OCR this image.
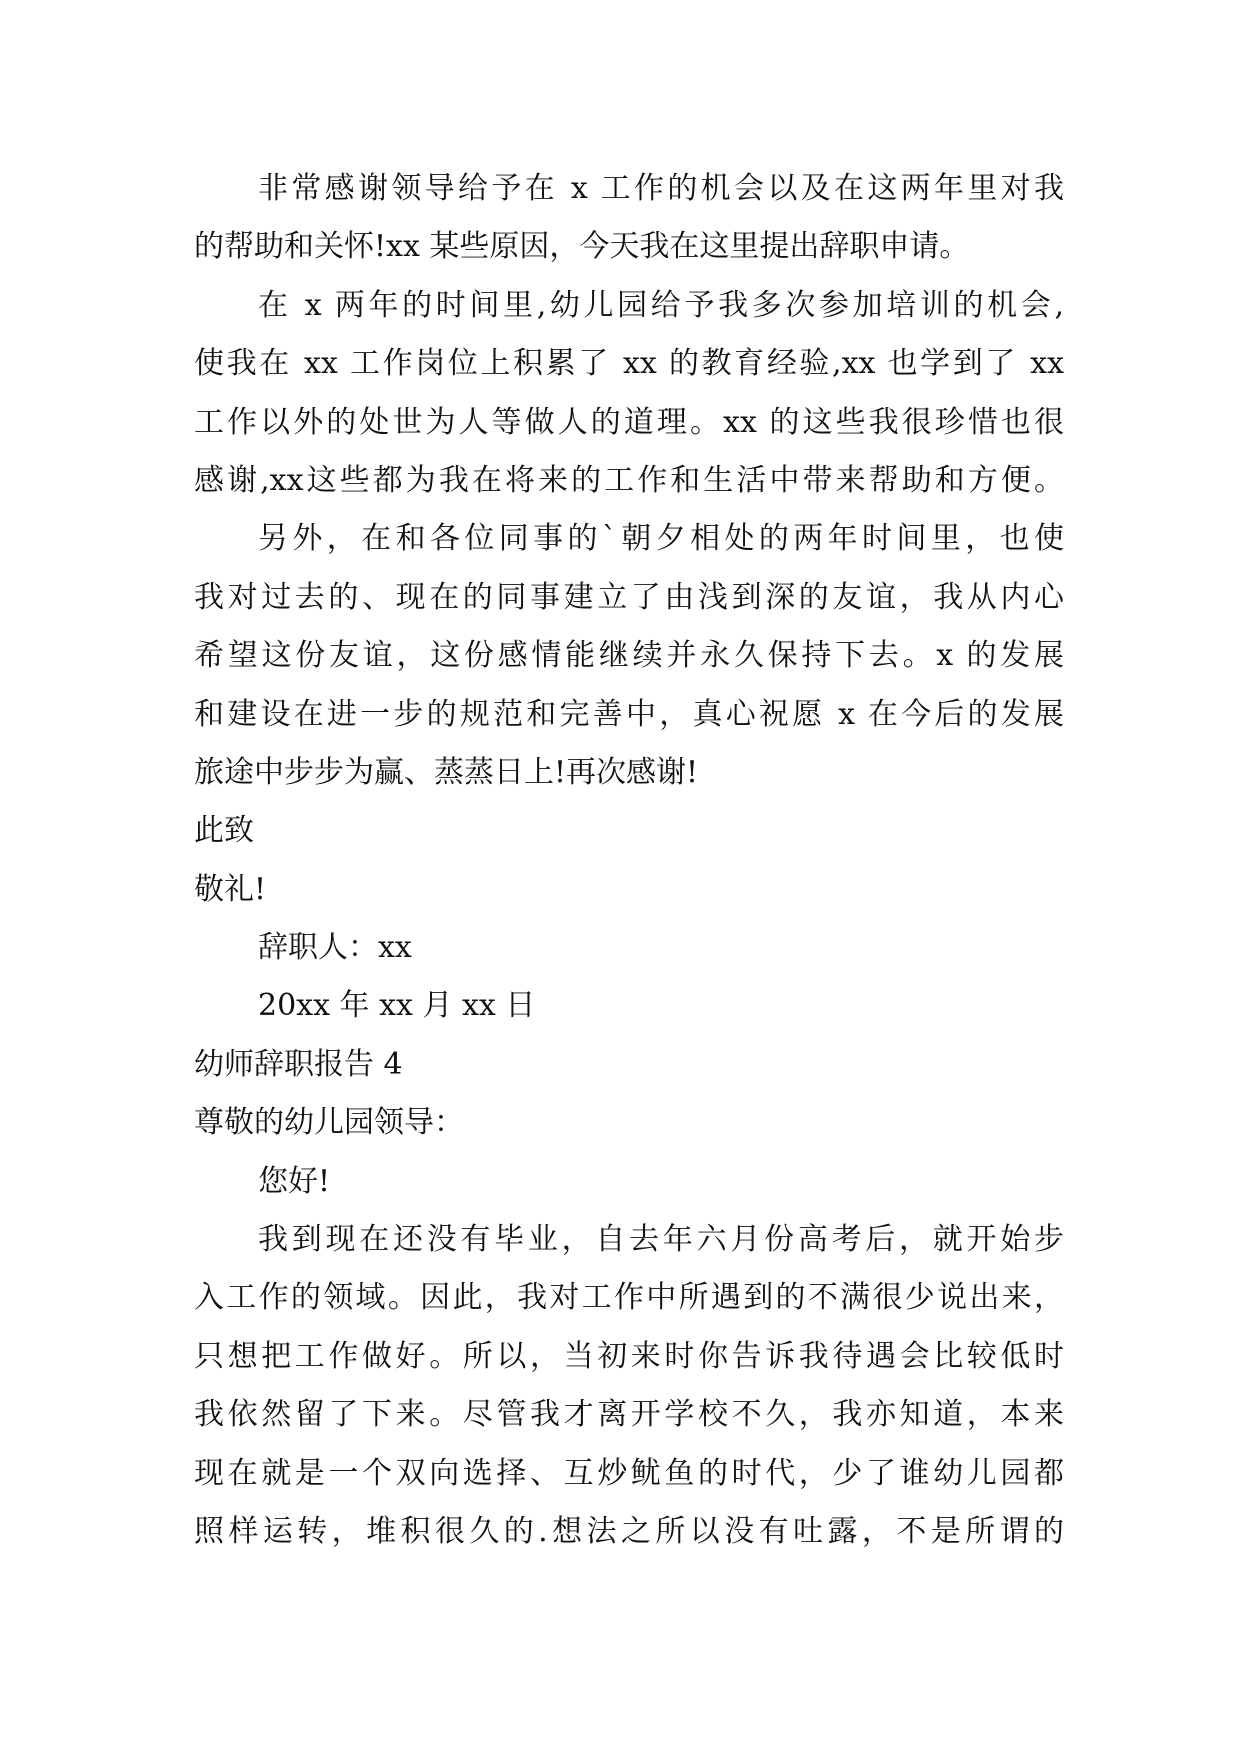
非常感谢领导给予在 x 工作的机会以及在这两年里对我
的帮助和关怀!xx 某些原因，今天我在这里提出辞职申请。
在 x 两年的时间里,幼儿园给予我多次参加培训的机会,
使我在 xx 工作岗位上积累了 xx 的教育经验,xx 也学到了 xx
工作以外的处世为人等做人的道理。xx 的这些我很珍惜也很
感谢,xx这些都为我在将来的工作和生活中带来帮助和方便。
另外，在和各位同事的`朝夕相处的两年时间里，也使
我对过去的、现在的同事建立了由浅到深的友谊，我从内心
希望这份友谊，这份感情能继续并永久保持下去。x 的发展
和建设在进一步的规范和完善中，真心祝愿 x 在今后的发展
旅途中步步为赢、蒸蒸日上!再次感谢!
此致
敬礼!
辞职人：xx
20xx 年 xx 月 xx 日
幼师辞职报告 4
尊敬的幼儿园领导：
您好!
我到现在还没有毕业，自去年六月份高考后，就开始步
入工作的领域。因此，我对工作中所遇到的不满很少说出来，
只想把工作做好。所以，当初来时你告诉我待遇会比较低时
我依然留了下来。尽管我才离开学校不久，我亦知道，本来
现在就是一个双向选择、互炒鱿鱼的时代，少了谁幼儿园都
照样运转，堆积很久的.想法之所以没有吐露，不是所谓的
